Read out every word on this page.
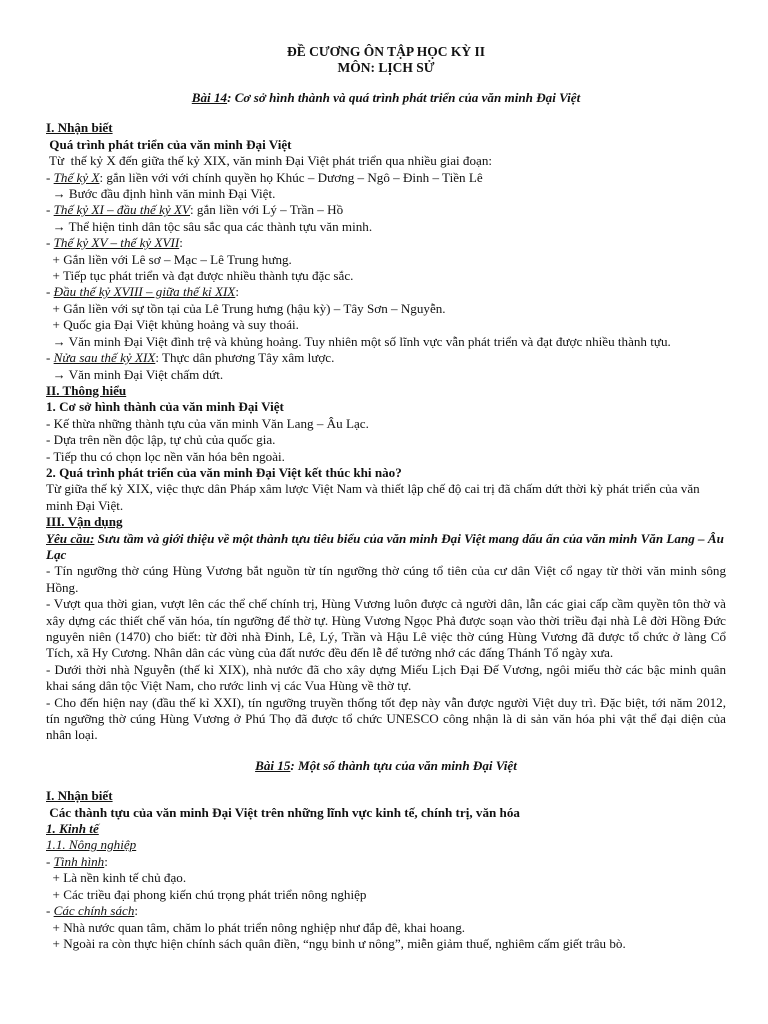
ĐỀ CƯƠNG ÔN TẬP HỌC KỲ II
MÔN: LỊCH SỬ
Bài 14: Cơ sở hình thành và quá trình phát triển của văn minh Đại Việt
I. Nhận biết
Quá trình phát triển của văn minh Đại Việt
Từ  thế kỷ X đến giữa thế kỷ XIX, văn minh Đại Việt phát triển qua nhiều giai đoạn:
- Thế kỷ X: gắn liền với với chính quyền họ Khúc – Dương – Ngô – Đinh – Tiền Lê
→ Bước đầu định hình văn minh Đại Việt.
- Thế kỷ XI – đầu thế kỷ XV: gắn liền với Lý – Trần – Hồ
→ Thể hiện tinh dân tộc sâu sắc qua các thành tựu văn minh.
- Thế kỷ XV – thế kỷ XVII:
+ Gắn liền với Lê sơ – Mạc – Lê Trung hưng.
+ Tiếp tục phát triển và đạt được nhiều thành tựu đặc sắc.
- Đầu thế kỷ XVIII – giữa thế kỉ XIX:
+ Gắn liền với sự tồn tại của Lê Trung hưng (hậu kỳ) – Tây Sơn – Nguyễn.
+ Quốc gia Đại Việt khủng hoảng và suy thoái.
→ Văn minh Đại Việt đình trệ và khủng hoảng. Tuy nhiên một số lĩnh vực vẫn phát triển và đạt được nhiều thành tựu.
- Nửa sau thế kỷ XIX: Thực dân phương Tây xâm lược.
→ Văn minh Đại Việt chấm dứt.
II. Thông hiểu
1. Cơ sở hình thành của văn minh Đại Việt
- Kế thừa những thành tựu của văn minh Văn Lang – Âu Lạc.
- Dựa trên nền độc lập, tự chủ của quốc gia.
- Tiếp thu có chọn lọc nền văn hóa bên ngoài.
2. Quá trình phát triển của văn minh Đại Việt kết thúc khi nào?
Từ giữa thế kỷ XIX, việc thực dân Pháp xâm lược Việt Nam và thiết lập chế độ cai trị đã chấm dứt thời kỳ phát triển của văn minh Đại Việt.
III. Vận dụng
Yêu cầu: Sưu tầm và giới thiệu về một thành tựu tiêu biểu của văn minh Đại Việt mang dấu ấn của văn minh Văn Lang – Âu Lạc
- Tín ngưỡng thờ cúng Hùng Vương bắt nguồn từ tín ngưỡng thờ cúng tổ tiên của cư dân Việt cổ ngay từ thời văn minh sông Hồng.
- Vượt qua thời gian, vượt lên các thể chế chính trị, Hùng Vương luôn được cả người dân, lẫn các giai cấp cầm quyền tôn thờ và xây dựng các thiết chế văn hóa, tín ngưỡng để thờ tự. Hùng Vương Ngọc Phả được soạn vào thời triều đại nhà Lê đời Hồng Đức nguyên niên (1470) cho biết: từ đời nhà Đinh, Lê, Lý, Trần và Hậu Lê việc thờ cúng Hùng Vương đã được tổ chức ở làng Cổ Tích, xã Hy Cương. Nhân dân các vùng của đất nước đều đến lễ để tưởng nhớ các đấng Thánh Tổ ngày xưa.
- Dưới thời nhà Nguyễn (thế kỉ XIX), nhà nước đã cho xây dựng Miếu Lịch Đại Đế Vương, ngôi miếu thờ các bậc minh quân khai sáng dân tộc Việt Nam, cho rước linh vị các Vua Hùng về thờ tự.
- Cho đến hiện nay (đầu thế kỉ XXI), tín ngưỡng truyền thống tốt đẹp này vẫn được người Việt duy trì. Đặc biệt, tới năm 2012, tín ngưỡng thờ cúng Hùng Vương ở Phú Thọ đã được tổ chức UNESCO công nhận là di sản văn hóa phi vật thể đại diện của nhân loại.
Bài 15: Một số thành tựu của văn minh Đại Việt
I. Nhận biết
Các thành tựu của văn minh Đại Việt trên những lĩnh vực kinh tế, chính trị, văn hóa
1. Kinh tế
1.1. Nông nghiệp
- Tình hình:
+ Là nền kinh tế chủ đạo.
+ Các triều đại phong kiến chú trọng phát triển nông nghiệp
- Các chính sách:
+ Nhà nước quan tâm, chăm lo phát triển nông nghiệp như đắp đê, khai hoang.
+ Ngoài ra còn thực hiện chính sách quân điền, “ngụ binh ư nông”, miễn giảm thuế, nghiêm cấm giết trâu bò.
